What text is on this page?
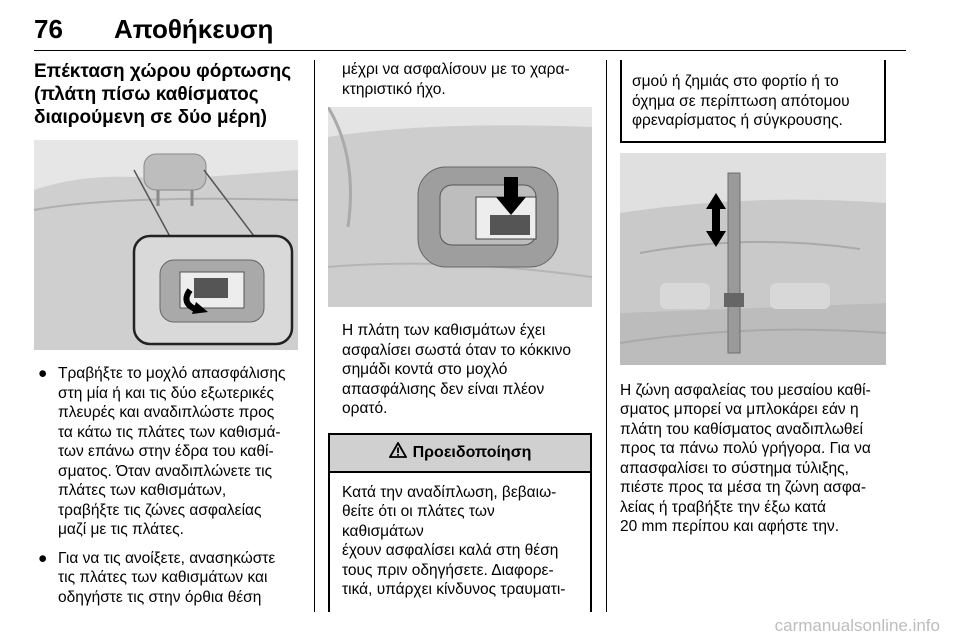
76 Αποθήκευση
Επέκταση χώρου φόρτωσης
(πλάτη πίσω καθίσματος
διαιρούμενη σε δύο μέρη)
● Τραβήξτε το μοχλό απασφάλισης
στη μία ή και τις δύο εξωτερικές
πλευρές και αναδιπλώστε προς
τα κάτω τις πλάτες των καθισμά-
των επάνω στην έδρα του καθί-
σματος. Όταν αναδιπλώνετε τις
πλάτες των καθισμάτων,
τραβήξτε τις ζώνες ασφαλείας
μαζί με τις πλάτες.
● Για να τις ανοίξετε, ανασηκώστε
τις πλάτες των καθισμάτων και
οδηγήστε τις στην όρθια θέση
μέχρι να ασφαλίσουν με το χαρα-
κτηριστικό ήχο.
Η πλάτη των καθισμάτων έχει
ασφαλίσει σωστά όταν το κόκκινο
σημάδι κοντά στο μοχλό
απασφάλισης δεν είναι πλέον
ορατό.
Προειδοποίηση
Κατά την αναδίπλωση, βεβαιω-
θείτε ότι οι πλάτες των καθισμάτων
έχουν ασφαλίσει καλά στη θέση
τους πριν οδηγήσετε. Διαφορε-
τικά, υπάρχει κίνδυνος τραυματι-
σμού ή ζημιάς στο φορτίο ή το
όχημα σε περίπτωση απότομου
φρεναρίσματος ή σύγκρουσης.
Η ζώνη ασφαλείας του μεσαίου καθί-
σματος μπορεί να μπλοκάρει εάν η
πλάτη του καθίσματος αναδιπλωθεί
προς τα πάνω πολύ γρήγορα. Για να
απασφαλίσει το σύστημα τύλιξης,
πιέστε προς τα μέσα τη ζώνη ασφα-
λείας ή τραβήξτε την έξω κατά
20 mm περίπου και αφήστε την.
carmanualsonline.info
